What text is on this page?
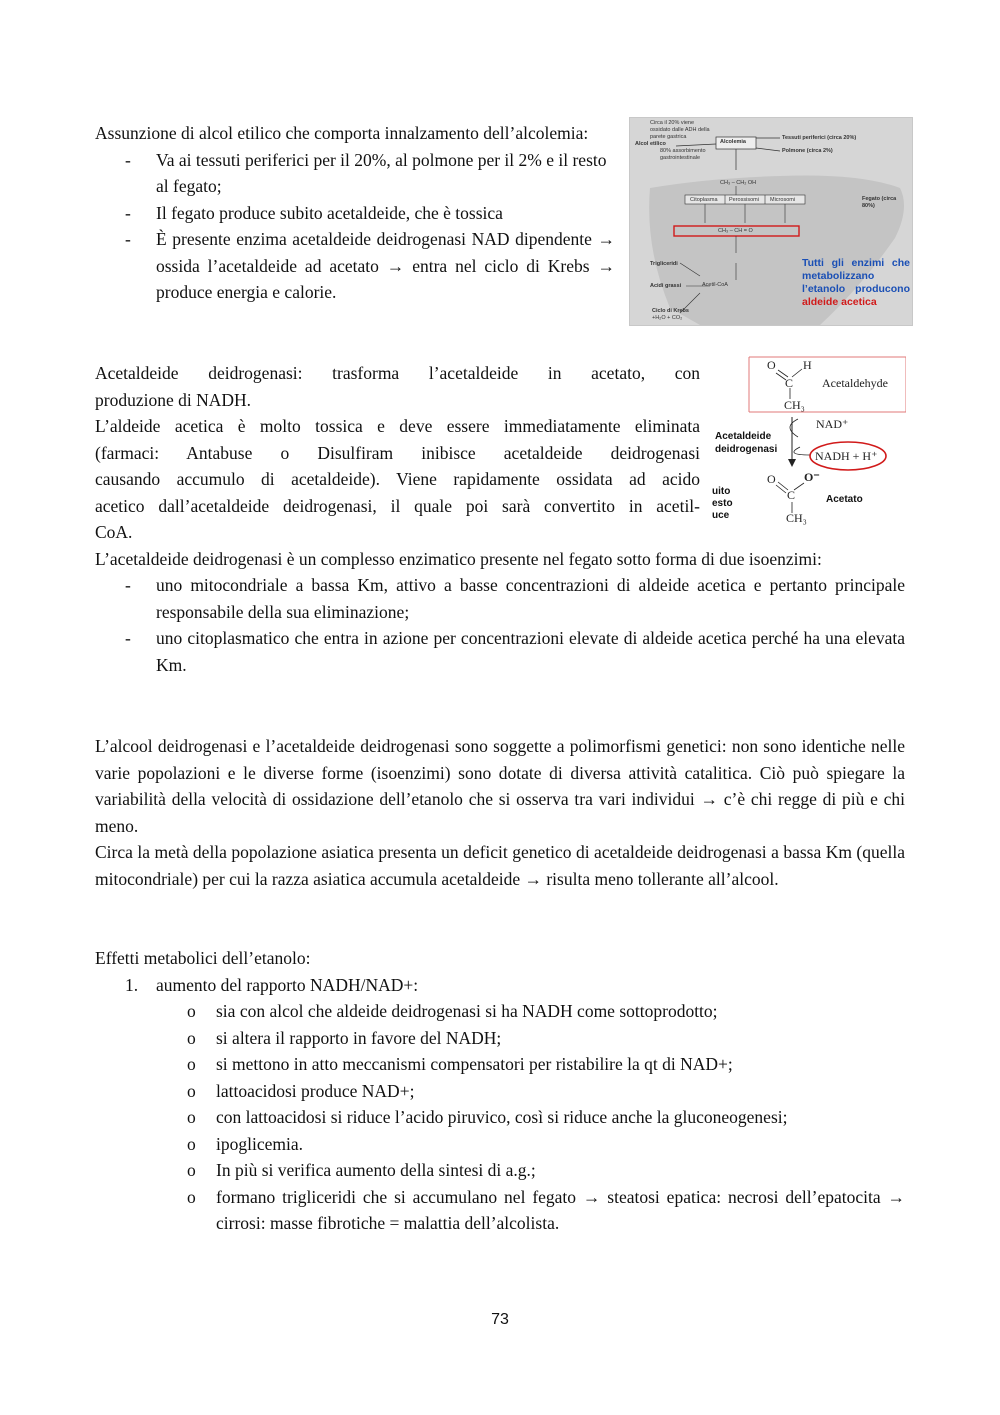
Assunzione di alcol etilico che comporta innalzamento dell’alcolemia:

- Va ai tessuti periferici per il 20%, al polmone per il 2% e il resto al fegato;
- Il fegato produce subito acetaldeide, che è tossica
- È presente enzima acetaldeide deidrogenasi NAD dipendente → ossida l’acetaldeide ad acetato → entra nel ciclo di Krebs → produce energia e calorie.
Circa il 20% viene ossidato dalle ADH della parete gastrica
Alcol etilico
80% assorbimento gastrointestinale
Alcolemia
Tessuti periferici (circa 20%)
Polmone (circa 2%)
CH₃ – CH₂ OH
Citoplasma Perossisomi Microsomi	Fegato (circa 80%)
CH₃ – CH = O
Trigliceridi
Acidi grassi	Acetil-CoA
Ciclo di Krebs
+H₂O + CO₂
Tutti gli enzimi che metabolizzano l’etanolo producono aldeide acetica
Acetaldeide deidrogenasi: trasforma l’acetaldeide in acetato, con
produzione di NADH.
L’aldeide acetica è molto tossica e deve essere immediatamente eliminata
(farmaci: Antabuse o Disulfiram inibisce acetaldeide deidrogenasi
causando accumulo di acetaldeide). Viene rapidamente ossidata ad acido
acetico dall’acetaldeide deidrogenasi, il quale poi sarà convertito in acetil-
CoA.

L’acetaldeide deidrogenasi è un complesso enzimatico presente nel fegato sotto forma di due isoenzimi:

- uno mitocondriale a bassa Km, attivo a basse concentrazioni di aldeide acetica e pertanto principale responsabile della sua eliminazione;
- uno citoplasmatico che entra in azione per concentrazioni elevate di aldeide acetica perché ha una elevata Km.
O H
C
CH₃
Acetaldehyde
Acetaldeide deidrogenasi
NAD⁺
NADH + H⁺
uito
esto
uce
O O⁻
C
CH₃
Acetato

L’alcool deidrogenasi e l’acetaldeide deidrogenasi sono soggette a polimorfismi genetici: non sono identiche nelle varie popolazioni e le diverse forme (isoenzimi) sono dotate di diversa attività catalitica. Ciò può spiegare la variabilità della velocità di ossidazione dell’etanolo che si osserva tra vari individui → c’è chi regge di più e chi meno.

Circa la metà della popolazione asiatica presenta un deficit genetico di acetaldeide deidrogenasi a bassa Km (quella mitocondriale) per cui la razza asiatica accumula acetaldeide → risulta meno tollerante all’alcool.

Effetti metabolici dell’etanolo:
1. aumento del rapporto NADH/NAD+:
o sia con alcol che aldeide deidrogenasi si ha NADH come sottoprodotto;
o si altera il rapporto in favore del NADH;
o si mettono in atto meccanismi compensatori per ristabilire la qt di NAD+;
o lattoacidosi produce NAD+;
o con lattoacidosi si riduce l’acido piruvico, così si riduce anche la gluconeogenesi;
o ipoglicemia.
o In più si verifica aumento della sintesi di a.g.;
o formano trigliceridi che si accumulano nel fegato → steatosi epatica: necrosi dell’epatocita → cirrosi: masse fibrotiche = malattia dell’alcolista.
73
